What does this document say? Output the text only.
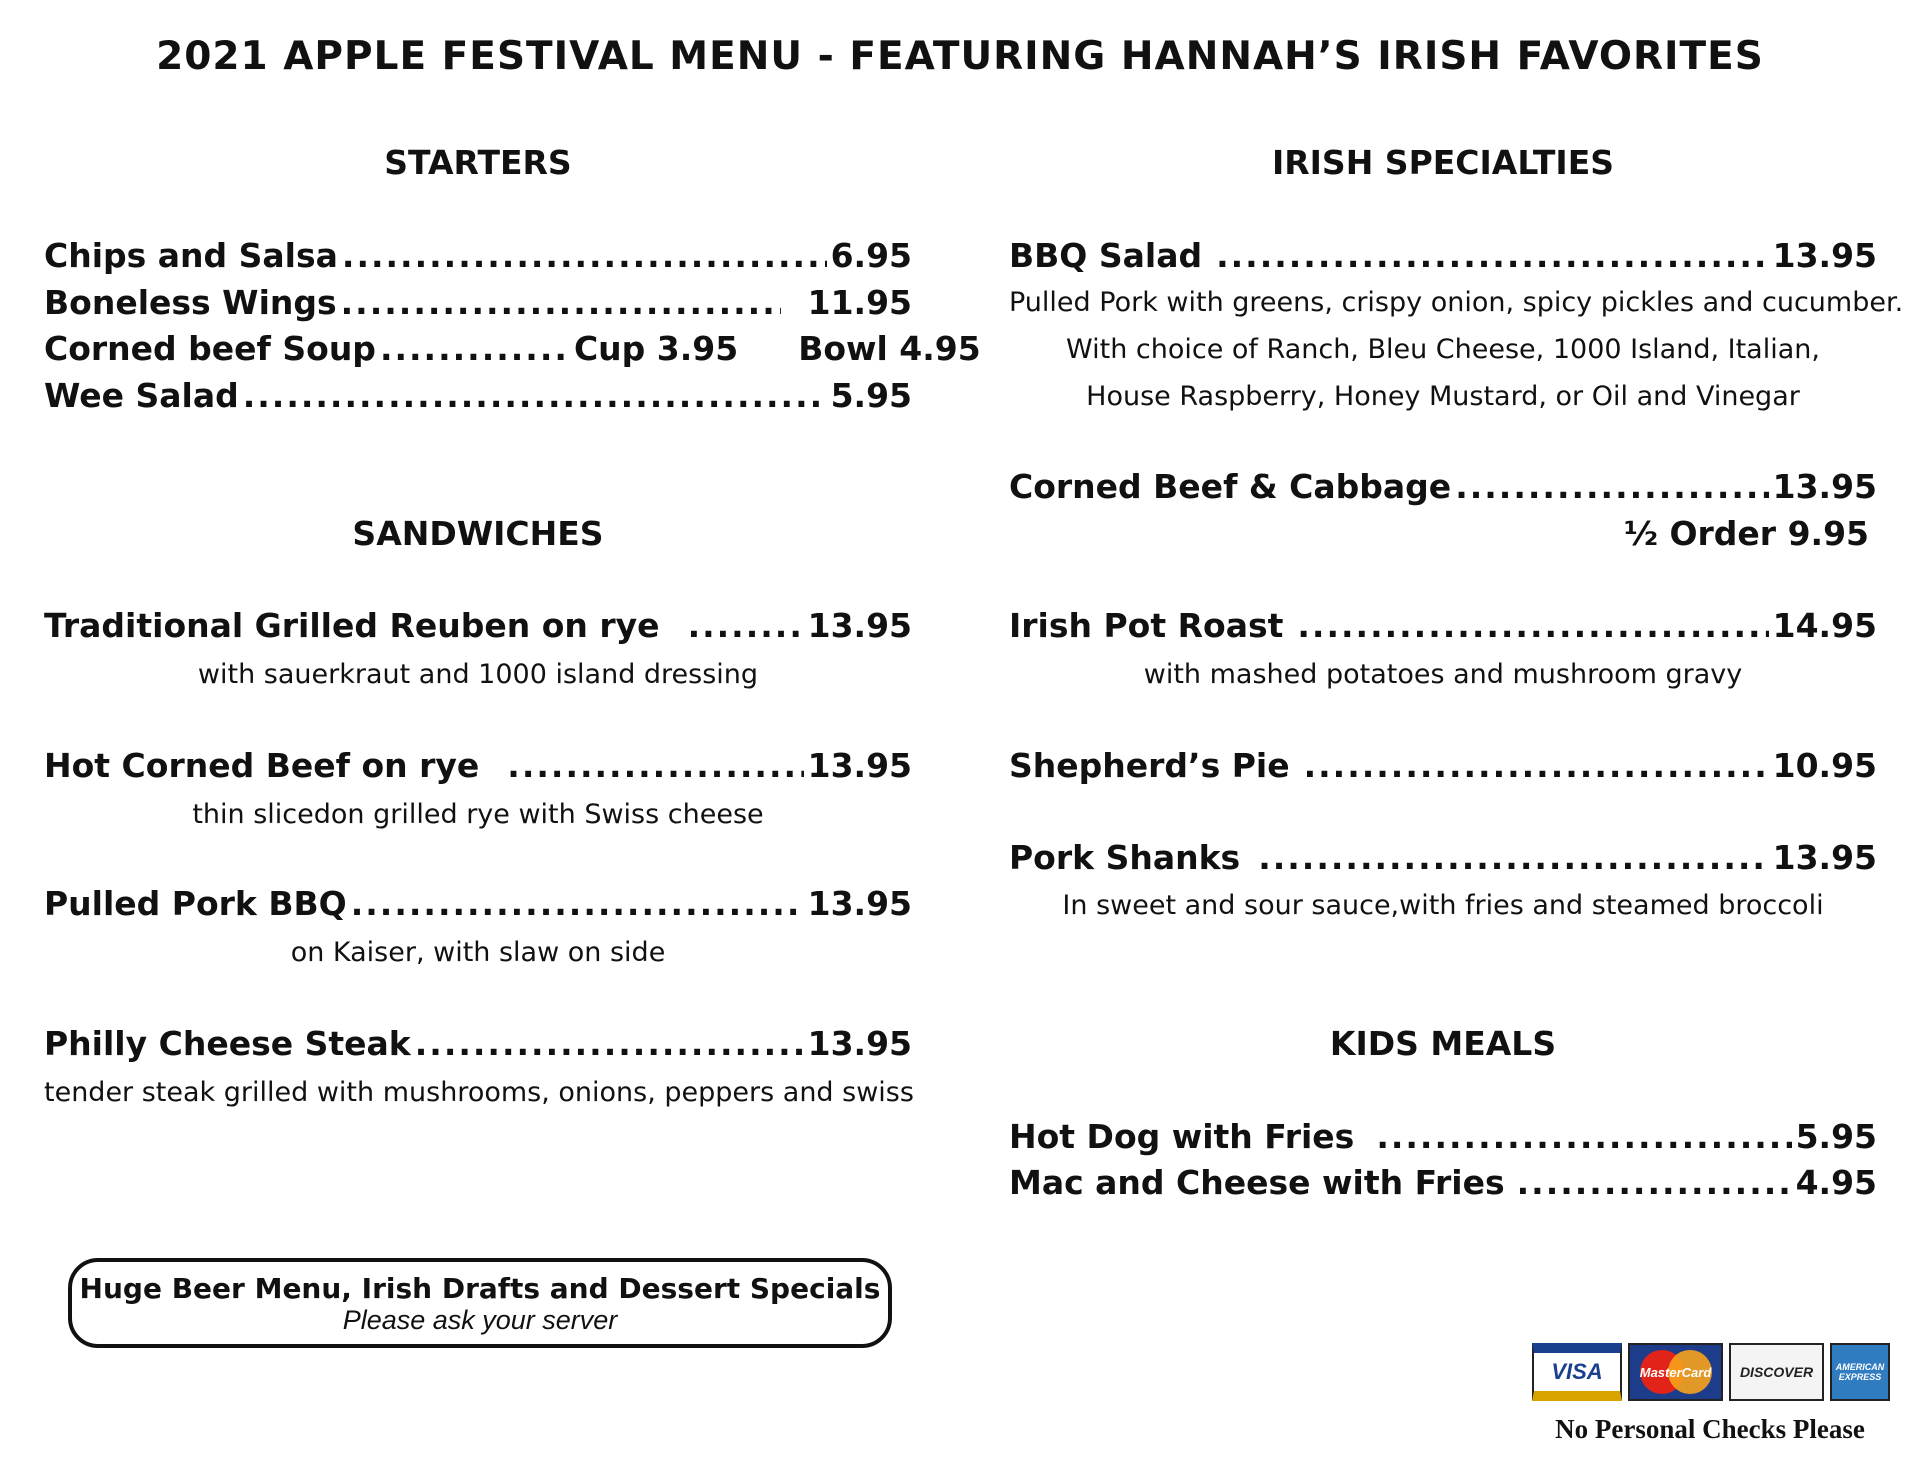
2021 APPLE FESTIVAL MENU - FEATURING HANNAH’S IRISH FAVORITES
STARTERS
Chips and Salsa .....	6.95
Boneless Wings .....	11.95
Corned beef Soup .....	Cup 3.95 Bowl 4.95
Wee Salad .....	5.95
SANDWICHES
Traditional Grilled Reuben on rye .....	13.95
with sauerkraut and 1000 island dressing
Hot Corned Beef on rye .....	13.95
thin slicedon grilled rye with Swiss cheese
Pulled Pork BBQ .....	13.95
on Kaiser, with slaw on side
Philly Cheese Steak .....	13.95
tender steak grilled with mushrooms, onions, peppers and swiss
IRISH SPECIALTIES
BBQ Salad .....	13.95
Pulled Pork with greens, crispy onion, spicy pickles and cucumber.
With choice of Ranch, Bleu Cheese, 1000 Island, Italian,
House Raspberry, Honey Mustard, or Oil and Vinegar
Corned Beef & Cabbage .....	13.95
½ Order 9.95
Irish Pot Roast .....	14.95
with mashed potatoes and mushroom gravy
Shepherd’s Pie .....	10.95
Pork Shanks .....	13.95
In sweet and sour sauce,with fries and steamed broccoli
KIDS MEALS
Hot Dog with Fries .....	5.95
Mac and Cheese with Fries .....	4.95
Huge Beer Menu, Irish Drafts and Dessert Specials
Please ask your server
VISA	MasterCard DISCOVER	AMERICAN EXPRESS
No Personal Checks Please
